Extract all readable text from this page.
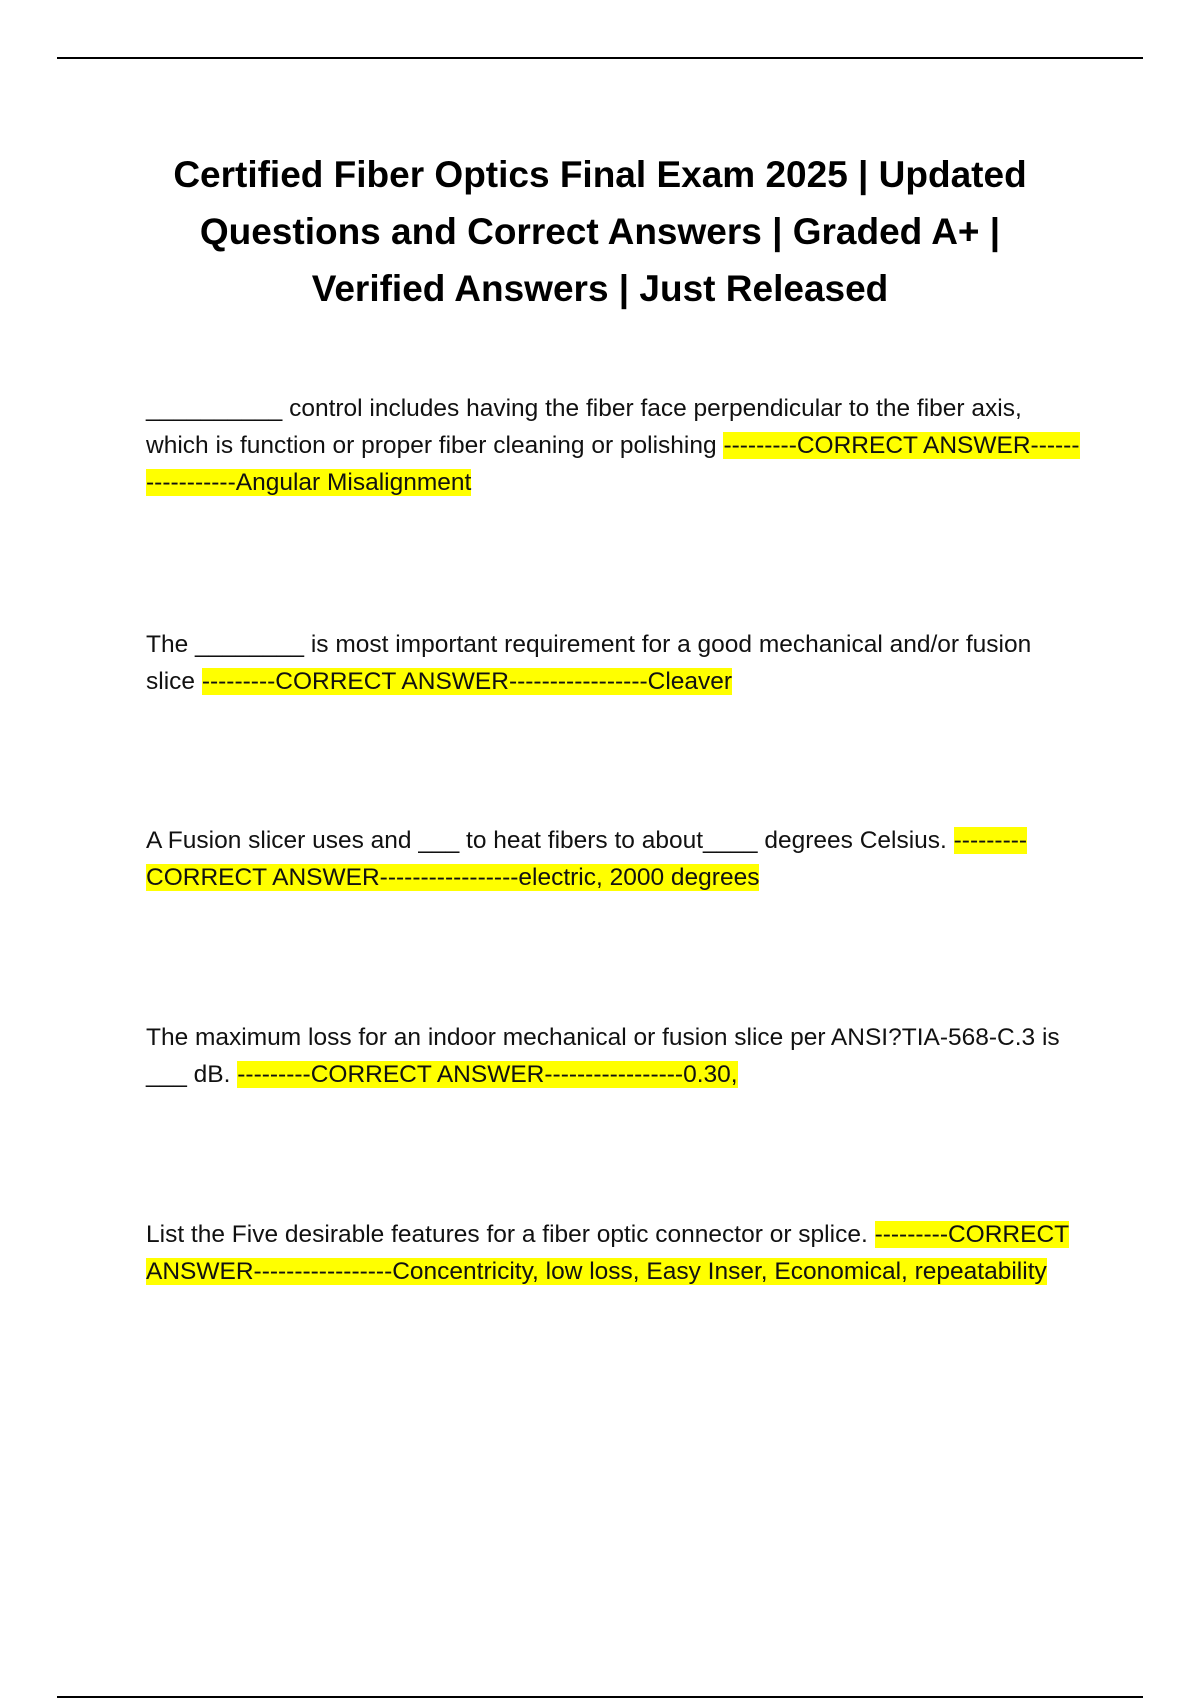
Certified Fiber Optics Final Exam 2025 | Updated Questions and Correct Answers | Graded A+ | Verified Answers | Just Released
__________ control includes having the fiber face perpendicular to the fiber axis, which is function or proper fiber cleaning or polishing ---------CORRECT ANSWER-----------------Angular Misalignment
The ________ is most important requirement for a good mechanical and/or fusion slice ---------CORRECT ANSWER-----------------Cleaver
A Fusion slicer uses and ___ to heat fibers to about____ degrees Celsius. ---------CORRECT ANSWER-----------------electric, 2000 degrees
The maximum loss for an indoor mechanical or fusion slice per ANSI?TIA-568-C.3 is ___ dB. ---------CORRECT ANSWER-----------------0.30,
List the Five desirable features for a fiber optic connector or splice. ---------CORRECT ANSWER-----------------Concentricity, low loss, Easy Inser, Economical, repeatability
